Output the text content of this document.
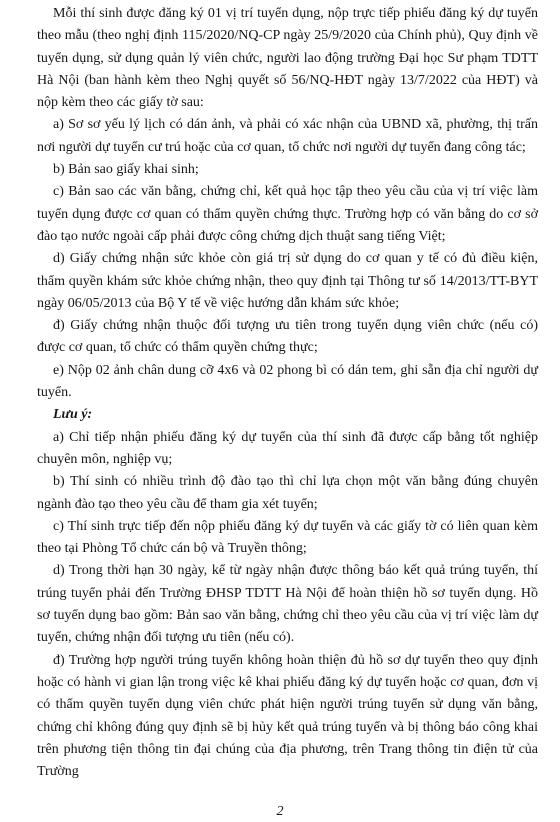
Mỗi thí sinh được đăng ký 01 vị trí tuyển dụng, nộp trực tiếp phiếu đăng ký dự tuyển theo mẫu (theo nghị định 115/2020/NQ-CP ngày 25/9/2020 của Chính phủ), Quy định về tuyển dụng, sử dụng quản lý viên chức, người lao động trường Đại học Sư phạm TDTT Hà Nội (ban hành kèm theo Nghị quyết số 56/NQ-HĐT ngày 13/7/2022 của HĐT) và nộp kèm theo các giấy tờ sau:

a) Sơ sơ yếu lý lịch có dán ảnh, và phải có xác nhận của UBND xã, phường, thị trấn nơi người dự tuyển cư trú hoặc của cơ quan, tổ chức nơi người dự tuyển đang công tác;

b) Bản sao giấy khai sinh;

c) Bản sao các văn bằng, chứng chỉ, kết quả học tập theo yêu cầu của vị trí việc làm tuyển dụng được cơ quan có thẩm quyền chứng thực. Trường hợp có văn bằng do cơ sở đào tạo nước ngoài cấp phải được công chứng dịch thuật sang tiếng Việt;

d) Giấy chứng nhận sức khỏe còn giá trị sử dụng do cơ quan y tế có đủ điều kiện, thẩm quyền khám sức khỏe chứng nhận, theo quy định tại Thông tư số 14/2013/TT-BYT ngày 06/05/2013 của Bộ Y tế về việc hướng dẫn khám sức khỏe;

đ) Giấy chứng nhận thuộc đối tượng ưu tiên trong tuyển dụng viên chức (nếu có) được cơ quan, tổ chức có thẩm quyền chứng thực;

e) Nộp 02 ảnh chân dung cỡ 4x6 và 02 phong bì có dán tem, ghi sẵn địa chỉ người dự tuyển.

Lưu ý:

a) Chỉ tiếp nhận phiếu đăng ký dự tuyển của thí sinh đã được cấp bằng tốt nghiệp chuyên môn, nghiệp vụ;

b) Thí sinh có nhiều trình độ đào tạo thì chỉ lựa chọn một văn bằng đúng chuyên ngành đào tạo theo yêu cầu để tham gia xét tuyển;

c) Thí sinh trực tiếp đến nộp phiếu đăng ký dự tuyển và các giấy tờ có liên quan kèm theo tại Phòng Tổ chức cán bộ và Truyền thông;

d) Trong thời hạn 30 ngày, kể từ ngày nhận được thông báo kết quả trúng tuyển, thí trúng tuyển phải đến Trường ĐHSP TDTT Hà Nội để hoàn thiện hồ sơ tuyển dụng. Hồ sơ tuyển dụng bao gồm: Bản sao văn bằng, chứng chỉ theo yêu cầu của vị trí việc làm dự tuyển, chứng nhận đối tượng ưu tiên (nếu có).

đ) Trường hợp người trúng tuyển không hoàn thiện đủ hồ sơ dự tuyển theo quy định hoặc có hành vi gian lận trong việc kê khai phiếu đăng ký dự tuyển hoặc cơ quan, đơn vị có thẩm quyền tuyển dụng viên chức phát hiện người trúng tuyển sử dụng văn bằng, chứng chỉ không đúng quy định sẽ bị hủy kết quả trúng tuyển và bị thông báo công khai trên phương tiện thông tin đại chúng của địa phương, trên Trang thông tin điện tử của Trường

2
